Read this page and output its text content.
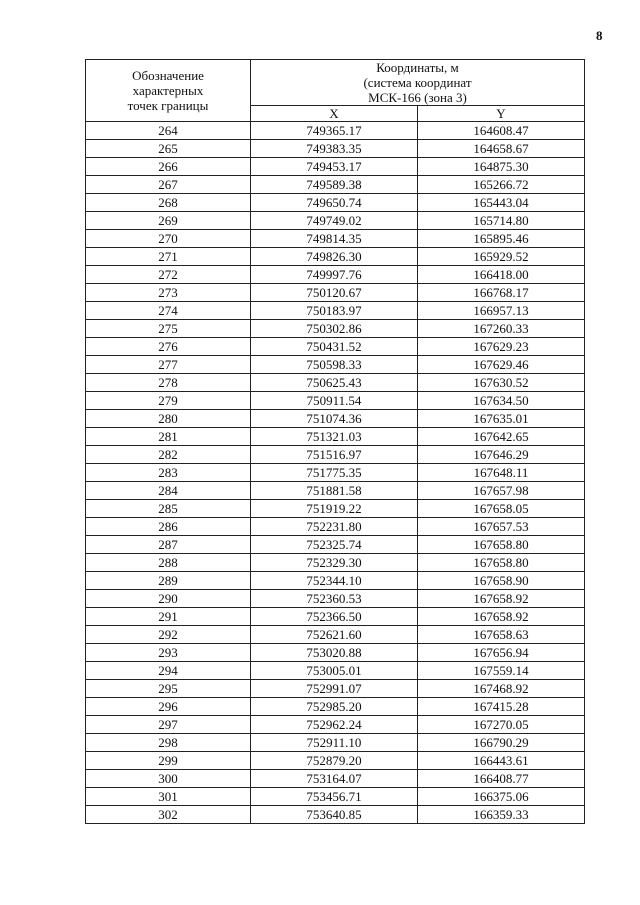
8
Обозначение
характерных
точек границы	Координаты, м
(система координат
МСК-166 (зона 3)	
	X	Y
264	749365.17	164608.47
265	749383.35	164658.67
266	749453.17	164875.30
267	749589.38	165266.72
268	749650.74	165443.04
269	749749.02	165714.80
270	749814.35	165895.46
271	749826.30	165929.52
272	749997.76	166418.00
273	750120.67	166768.17
274	750183.97	166957.13
275	750302.86	167260.33
276	750431.52	167629.23
277	750598.33	167629.46
278	750625.43	167630.52
279	750911.54	167634.50
280	751074.36	167635.01
281	751321.03	167642.65
282	751516.97	167646.29
283	751775.35	167648.11
284	751881.58	167657.98
285	751919.22	167658.05
286	752231.80	167657.53
287	752325.74	167658.80
288	752329.30	167658.80
289	752344.10	167658.90
290	752360.53	167658.92
291	752366.50	167658.92
292	752621.60	167658.63
293	753020.88	167656.94
294	753005.01	167559.14
295	752991.07	167468.92
296	752985.20	167415.28
297	752962.24	167270.05
298	752911.10	166790.29
299	752879.20	166443.61
300	753164.07	166408.77
301	753456.71	166375.06
302	753640.85	166359.33
